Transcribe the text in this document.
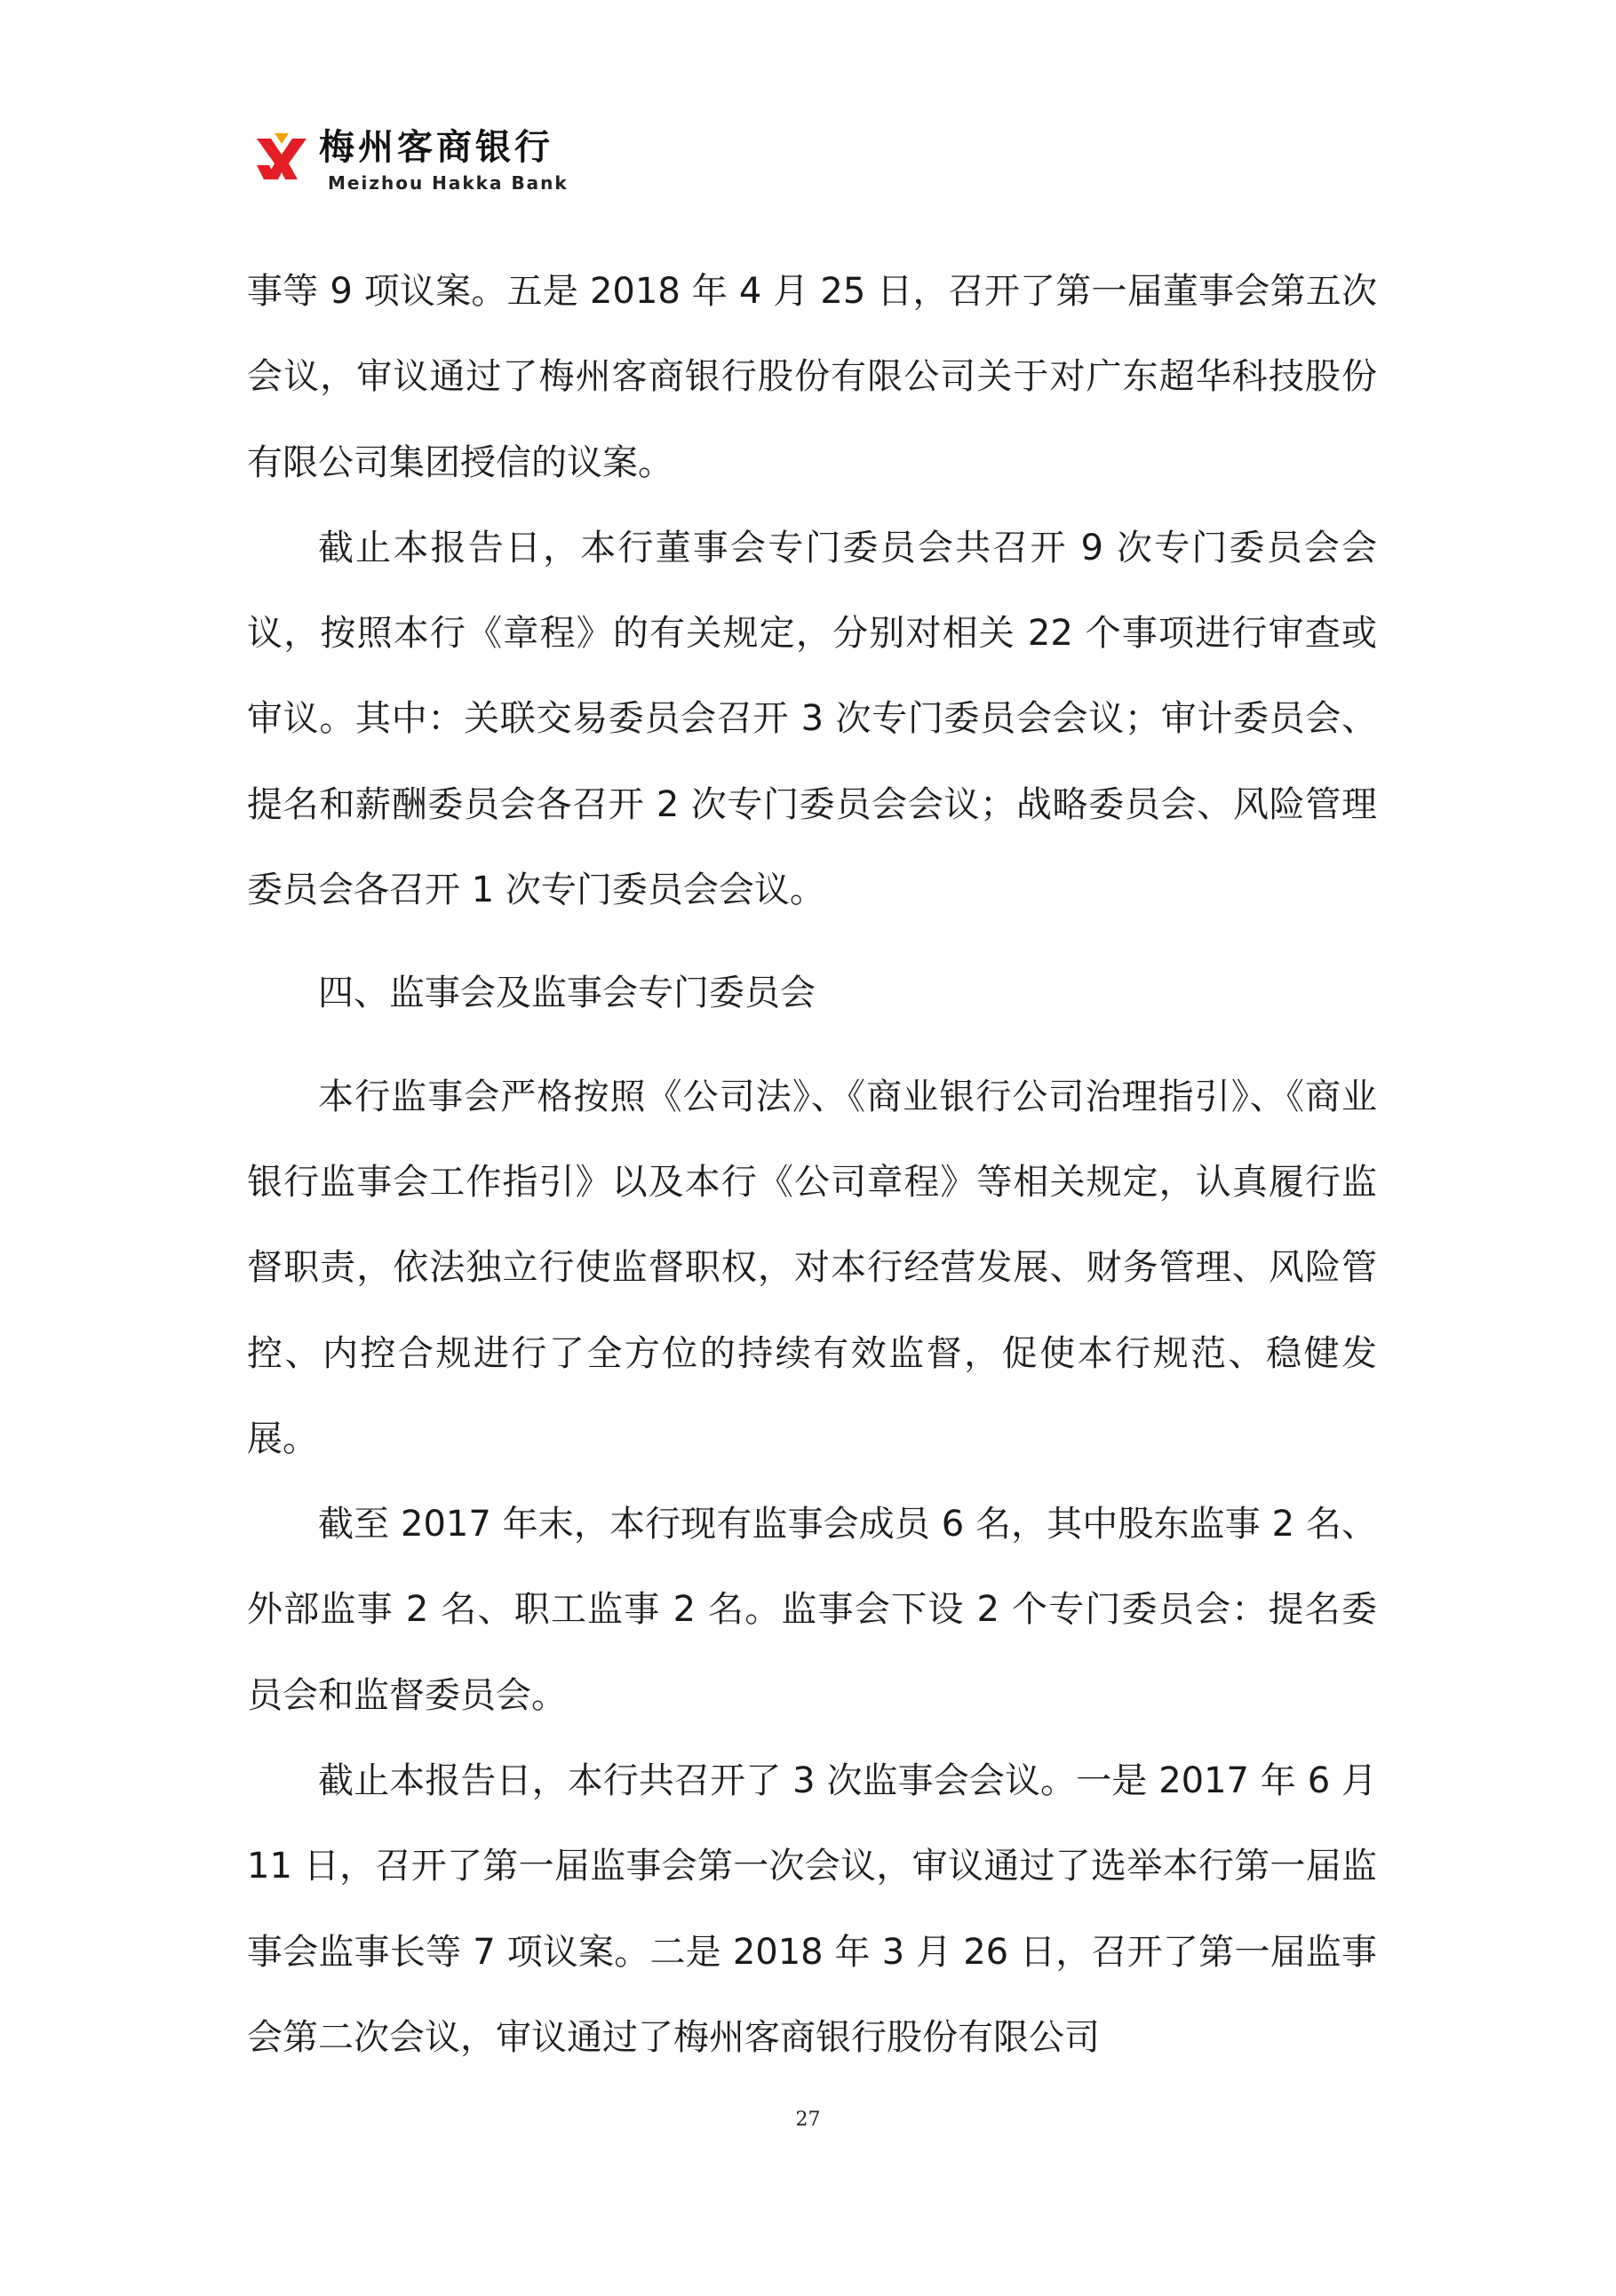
梅州客商银行
Meizhou Hakka Bank

事等 9 项议案。五是 2018 年 4 月 25 日，召开了第一届董事会第五次会议，审议通过了梅州客商银行股份有限公司关于对广东超华科技股份有限公司集团授信的议案。

截止本报告日，本行董事会专门委员会共召开 9 次专门委员会会议，按照本行《章程》的有关规定，分别对相关 22 个事项进行审查或审议。其中：关联交易委员会召开 3 次专门委员会会议；审计委员会、提名和薪酬委员会各召开 2 次专门委员会会议；战略委员会、风险管理委员会各召开 1 次专门委员会会议。

四、监事会及监事会专门委员会

本行监事会严格按照《公司法》、《商业银行公司治理指引》、《商业银行监事会工作指引》以及本行《公司章程》等相关规定，认真履行监督职责，依法独立行使监督职权，对本行经营发展、财务管理、风险管控、内控合规进行了全方位的持续有效监督，促使本行规范、稳健发展。

截至 2017 年末，本行现有监事会成员 6 名，其中股东监事 2 名、外部监事 2 名、职工监事 2 名。监事会下设 2 个专门委员会：提名委员会和监督委员会。

截止本报告日，本行共召开了 3 次监事会会议。一是 2017 年 6 月 11 日，召开了第一届监事会第一次会议，审议通过了选举本行第一届监事会监事长等 7 项议案。二是 2018 年 3 月 26 日，召开了第一届监事会第二次会议，审议通过了梅州客商银行股份有限公司

27
